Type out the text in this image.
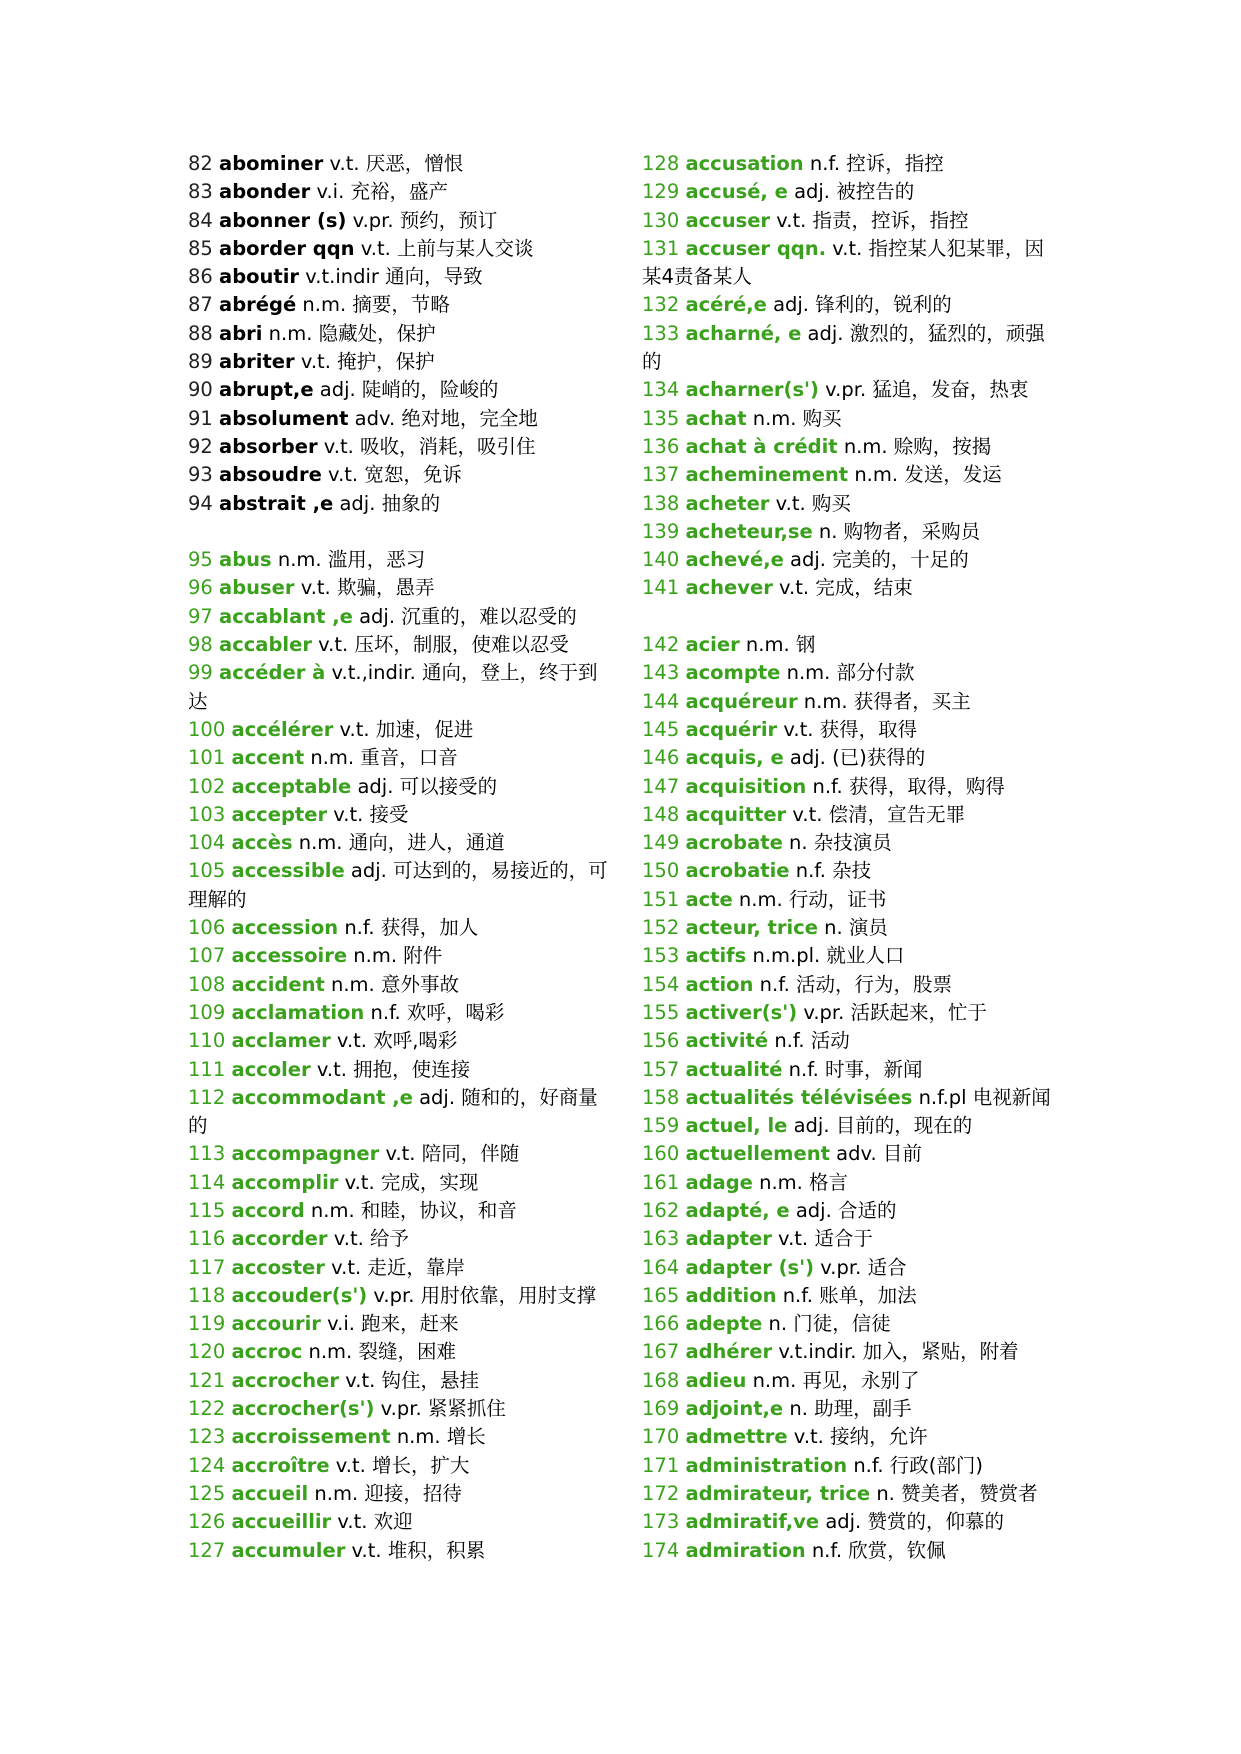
82 abominer v.t. 厌恶，憎恨
83 abonder v.i. 充裕，盛产
84 abonner (s) v.pr. 预约，预订
85 aborder qqn v.t. 上前与某人交谈
86 aboutir v.t.indir 通向，导致
87 abrégé n.m. 摘要，节略
88 abri n.m. 隐藏处，保护
89 abriter v.t. 掩护，保护
90 abrupt,e adj. 陡峭的，险峻的
91 absolument adv. 绝对地，完全地
92 absorber v.t. 吸收，消耗，吸引住
93 absoudre v.t. 宽恕，免诉
94 abstrait ,e adj. 抽象的
95 abus n.m. 滥用，恶习
96 abuser v.t. 欺骗，愚弄
97 accablant ,e adj. 沉重的，难以忍受的
98 accabler v.t. 压坏，制服，使难以忍受
99 accéder à v.t.,indir. 通向，登上，终于到达
100 accélérer v.t. 加速，促进
101 accent n.m. 重音，口音
102 acceptable adj. 可以接受的
103 accepter v.t. 接受
104 accès n.m. 通向，进人，通道
105 accessible adj. 可达到的，易接近的，可理解的
106 accession n.f. 获得，加人
107 accessoire n.m. 附件
108 accident n.m. 意外事故
109 acclamation n.f. 欢呼，喝彩
110 acclamer v.t. 欢呼,喝彩
111 accoler v.t. 拥抱，使连接
112 accommodant ,e adj. 随和的，好商量的
113 accompagner v.t. 陪同，伴随
114 accomplir v.t. 完成，实现
115 accord n.m. 和睦，协议，和音
116 accorder v.t. 给予
117 accoster v.t. 走近，靠岸
118 accouder(s') v.pr. 用肘依靠，用肘支撑
119 accourir v.i. 跑来，赶来
120 accroc n.m. 裂缝，困难
121 accrocher v.t. 钩住，悬挂
122 accrocher(s') v.pr. 紧紧抓住
123 accroissement n.m. 增长
124 accroître v.t. 增长，扩大
125 accueil n.m. 迎接，招待
126 accueillir v.t. 欢迎
127 accumuler v.t. 堆积，积累
128 accusation n.f. 控诉，指控
129 accusé, e adj. 被控告的
130 accuser v.t. 指责，控诉，指控
131 accuser qqn. v.t. 指控某人犯某罪，因某4责备某人
132 acéré,e adj. 锋利的，锐利的
133 acharné, e adj. 激烈的，猛烈的，顽强的
134 acharner(s') v.pr. 猛追，发奋，热衷
135 achat n.m. 购买
136 achat à crédit n.m. 赊购，按揭
137 acheminement n.m. 发送，发运
138 acheter v.t. 购买
139 acheteur,se n. 购物者，采购员
140 achevé,e adj. 完美的，十足的
141 achever v.t. 完成，结束
142 acier n.m. 钢
143 acompte n.m. 部分付款
144 acquéreur n.m. 获得者，买主
145 acquérir v.t. 获得，取得
146 acquis, e adj. (已)获得的
147 acquisition n.f. 获得，取得，购得
148 acquitter v.t. 偿清，宣告无罪
149 acrobate n. 杂技演员
150 acrobatie n.f. 杂技
151 acte n.m. 行动，证书
152 acteur, trice n. 演员
153 actifs n.m.pl. 就业人口
154 action n.f. 活动，行为，股票
155 activer(s') v.pr. 活跃起来，忙于
156 activité n.f. 活动
157 actualité n.f. 时事，新闻
158 actualités télévisées n.f.pl 电视新闻
159 actuel, le adj. 目前的，现在的
160 actuellement adv. 目前
161 adage n.m. 格言
162 adapté, e adj. 合适的
163 adapter v.t. 适合于
164 adapter (s') v.pr. 适合
165 addition n.f. 账单，加法
166 adepte n. 门徒，信徒
167 adhérer v.t.indir. 加入，紧贴，附着
168 adieu n.m. 再见，永别了
169 adjoint,e n. 助理，副手
170 admettre v.t. 接纳，允许
171 administration n.f. 行政(部门)
172 admirateur, trice n. 赞美者，赞赏者
173 admiratif,ve adj. 赞赏的，仰慕的
174 admiration n.f. 欣赏，钦佩
